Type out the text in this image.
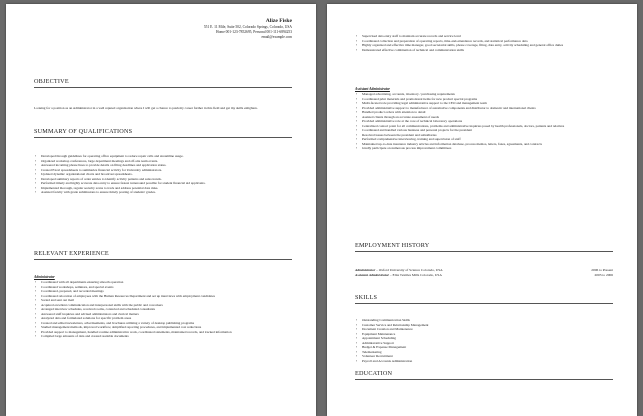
Alize Fiske
551 E. 11 Mile, Suite 502, Colorado Springs, Colorado, USA
Home 001-123-7852695, Personal 001-111-6894253
email@example.com
OBJECTIVE
Looking for a position as an Administrator in a well reputed organization where I will get a chance to push my career further in this field and get my skills enlighten.
SUMMARY OF QUALIFICATIONS
• Developed through guidelines for operating office equipment to reduce repair calls and streamline usage.
• Organized workshop conferences, large department meetings and off-site team events.
• Answered incoming phone lines to provide details on filing deadlines and application status.
• Created Excel spreadsheets to summarize financial activity for University administrators.
• Updated dynamic organizational charts and broadcast spreadsheets.
• Developed summary reports of order entries to identify activity patterns and sales trends.
• Performed timely and highly accurate data entry to ensure fastest turnaround possible for student financial aid applicants.
• Implemented thorough, regular security scans to track and address potential data risks.
• Assisted faculty with grade submissions to ensure timely posting of students' grades.
RELEVANT EXPERIENCE
Administrator
• Coordinated with all departments ensuring smooth operation
• Coordinated workshops, seminars, and special events
• Coordinated, prepared, and recorded meetings
• Coordinated relocation of employees with the Human Resources Department and set up interviews with employment candidates
• Sorted and sent out mail
• Acquired excellent communication and interpersonal skills with the public and coworkers
• Arranged interview schedules, received rooms, contacted and scheduled consultants
• Answered staff inquiries and advised administrators and clerical matters
• Analyzed data and formulated solutions for specific problem areas
• Created and edited newsletters, advertisements, and brochures utilizing a variety of desktop publishing programs
• Studied management methods, improved workflow, simplified reporting procedures, and implemented cost reductions
• Provided support to management, handled routine administrative work, coordinated statements, maintained records, and tracked information
• Compiled large amounts of data and created readable documents
• Supervised data entry staff to maintain accurate records and service level
• Coordinated collection and preparation of operating reports, time-and-attendance records, and statistical performance data
• Highly organized and effective time manager, good secretarial skills, phone coverage, filing, data entry, activity scheduling and general office duties
• Demonstrated effective combination of technical and communication skills
Assistant Administrator
• Managed advertising, accounts, inventory / purchasing requirements
• Coordinated print materials and promotional items for new product special programs
• Multi-faceted role providing legal administrative support to the CEO and management team
• Provided administrative support to manufacturer of automotive components and distributor to domestic and international clients
• Handled product orders with attention to detail
• Assisted clients through an accurate assessment of needs
• Provided administrative role at the core of technical laboratory operations
• Centralized contact point for all communications, problems and administrative inquiries posed by health professionals, doctors, patients and relatives
• Coordinated and handled various business and personal projects for the president
• Resolved issues between the president and subsidiaries
• Performed comprehensive interviewing, training and supervision of staff
• Maintained up-to-date insurance industry articles and information database, process memos, letters, faxes, agreements, and contracts
• Gladly participate on numerous process improvement committees
EMPLOYMENT HISTORY
Administrator – Oxford University of Science Colorado, USA	2006 to Present
Assistant Administrator – Elite Textiles Mills Colorado, USA	2003 to 2006
SKILLS
• Outstanding Communication Skills
• Customer Service and Relationship Management
• Document Creation and Maintenance
• Equipment Maintenance
• Appointment Scheduling
• Administrative Support
• Budget & Expense Management
• Telemarketing
• Volunteer Recruitment
• Payroll and Accounts Administration
EDUCATION
